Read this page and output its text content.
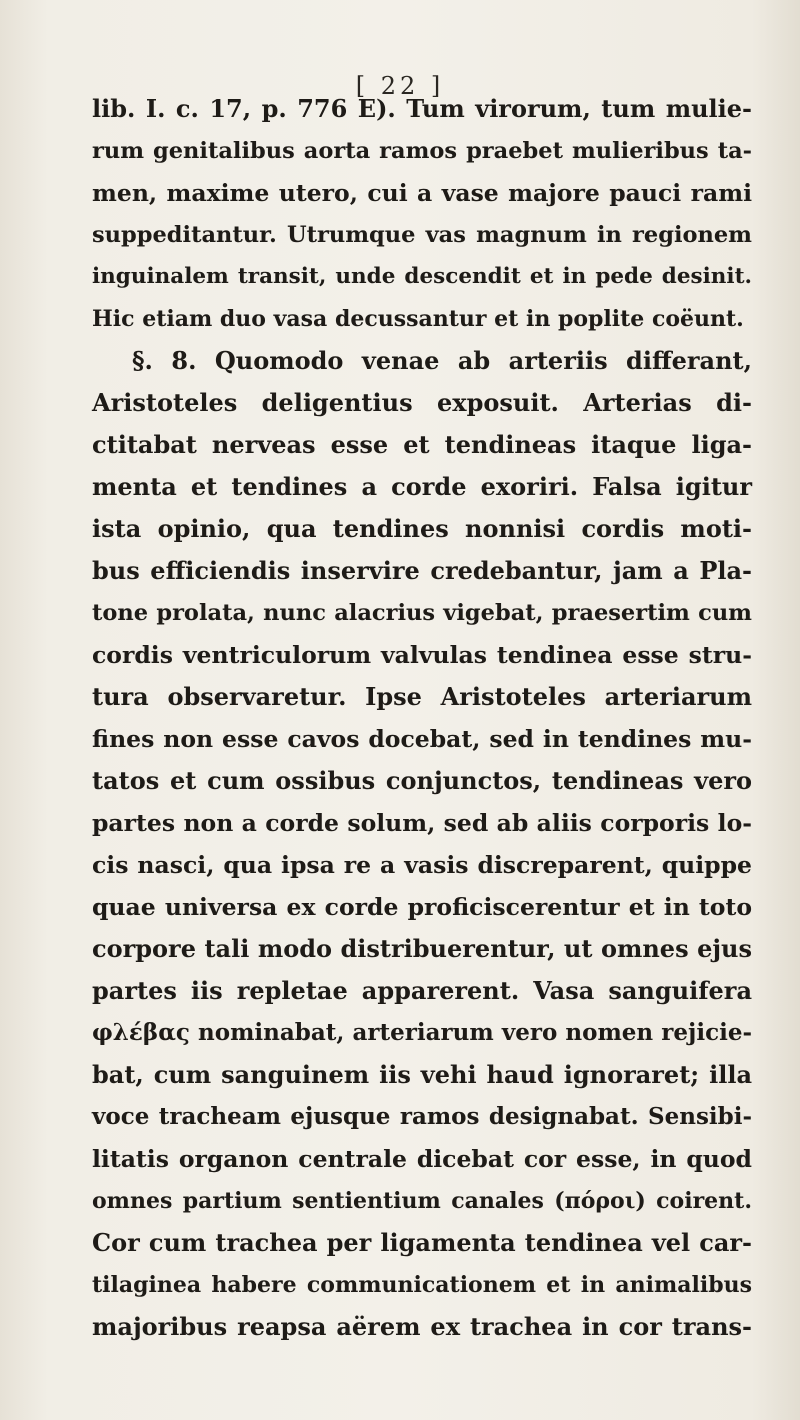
[ 22 ]
lib. I. c. 17, p. 776 E). Tum virorum, tum mulie-
rum genitalibus aorta ramos praebet mulieribus ta-
men, maxime utero, cui a vase majore pauci rami
suppeditantur. Utrumque vas magnum in regionem
inguinalem transit, unde descendit et in pede desinit.
Hic etiam duo vasa decussantur et in poplite coëunt.
§. 8. Quomodo venae ab arteriis differant,
Aristoteles deligentius exposuit. Arterias di-
ctitabat nerveas esse et tendineas itaque liga-
menta et tendines a corde exoriri. Falsa igitur
ista opinio, qua tendines nonnisi cordis moti-
bus efficiendis inservire credebantur, jam a Pla-
tone prolata, nunc alacrius vigebat, praesertim cum
cordis ventriculorum valvulas tendinea esse stru-
tura observaretur. Ipse Aristoteles arteriarum
fines non esse cavos docebat, sed in tendines mu-
tatos et cum ossibus conjunctos, tendineas vero
partes non a corde solum, sed ab aliis corporis lo-
cis nasci, qua ipsa re a vasis discreparent, quippe
quae universa ex corde proficiscerentur et in toto
corpore tali modo distribuerentur, ut omnes ejus
partes iis repletae apparerent. Vasa sanguifera
φλέβας nominabat, arteriarum vero nomen rejicie-
bat, cum sanguinem iis vehi haud ignoraret; illa
voce tracheam ejusque ramos designabat. Sensibi-
litatis organon centrale dicebat cor esse, in quod
omnes partium sentientium canales (πόροι) coirent.
Cor cum trachea per ligamenta tendinea vel car-
tilaginea habere communicationem et in animalibus
majoribus reapsa aërem ex trachea in cor trans-
